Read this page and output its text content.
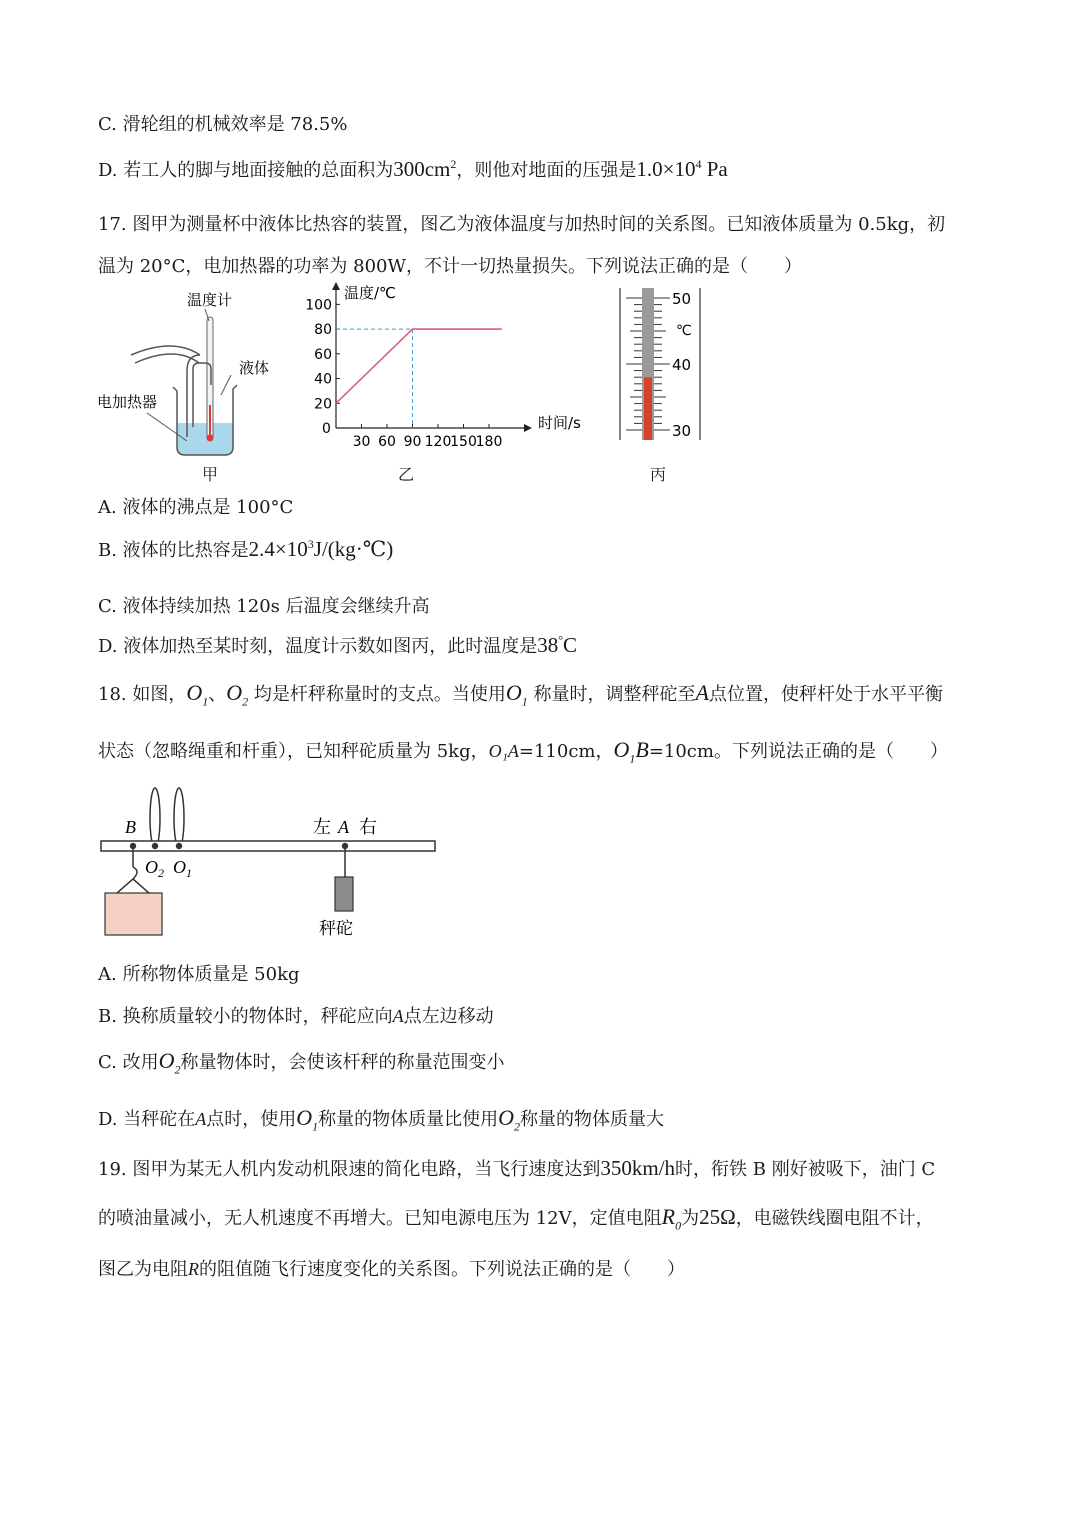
C. 滑轮组的机械效率是 78.5%
D. 若工人的脚与地面接触的总面积为$300cm^2$，则他对地面的压强是$1.0\times 10^4$ Pa
17. 图甲为测量杯中液体比热容的装置，图乙为液体温度与加热时间的关系图。已知液体质量为 0.5kg，初
温为 20°C，电加热器的功率为 800W，不计一切热量损失。下列说法正确的是（　　）
温度计
液体
电加热器
甲
温度/℃
时间/s
0
30 60 90 120
150
180
20
40
60
80
100
乙
50
40
30
℃
丙
A. 液体的沸点是 100°C
B. 液体的比热容是$2.4\times 10^3J/(kg\cdot℃)$
C. 液体持续加热 120s 后温度会继续升高
D. 液体加热至某时刻，温度计示数如图丙，此时温度是38°C
18. 如图，$O_1$、$O_2$ 均是杆秤称量时的支点。当使用$O_1$ 称量时，调整秤砣至A点位置，使秤杆处于水平平衡
状态（忽略绳重和杆重），已知秤砣质量为 5kg，O₁A=110cm，$O_1B=10cm$。下列说法正确的是（　　）
B
$O_2$ $O_1$
左 A 右
秤砣
A. 所称物体质量是 50kg
B. 换称质量较小的物体时，秤砣应向A点左边移动
C. 改用$O_2$称量物体时，会使该杆秤的称量范围变小
D. 当秤砣在A点时，使用$O_1$称量的物体质量比使用$O_2$称量的物体质量大
19. 图甲为某无人机内发动机限速的简化电路，当飞行速度达到350km/h时，衔铁 B 刚好被吸下，油门 C
的喷油量减小，无人机速度不再增大。已知电源电压为 12V，定值电阻$R_0$为25Ω，电磁铁线圈电阻不计，
图乙为电阻R的阻值随飞行速度变化的关系图。下列说法正确的是（　　）
